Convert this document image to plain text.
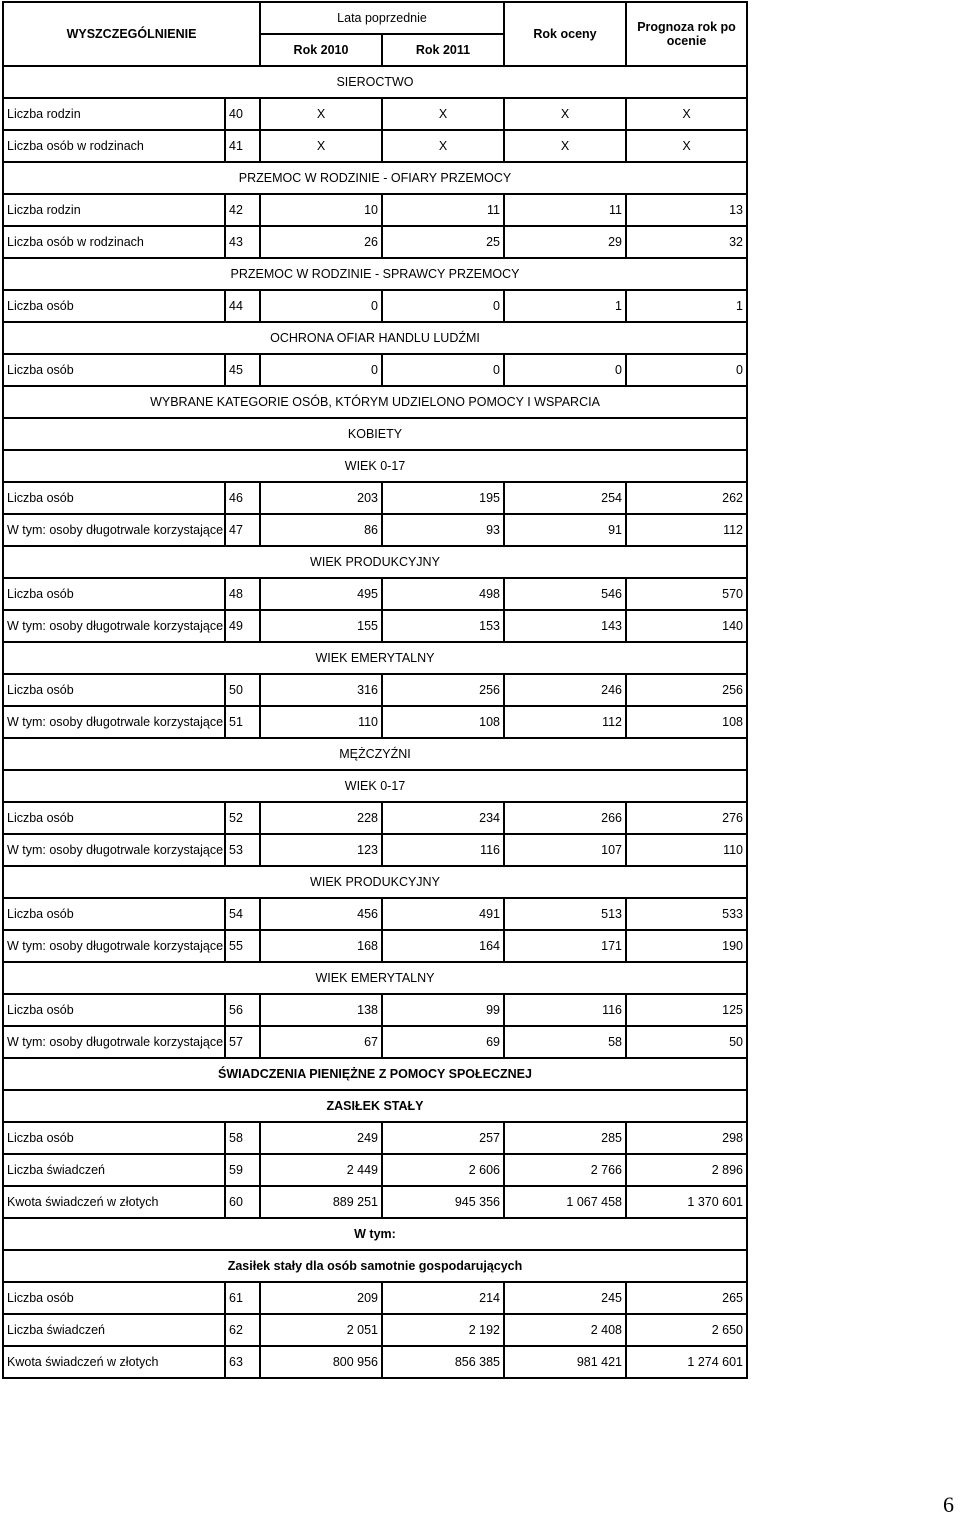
WYSZCZEGÓLNIENIE		Lata poprzednie		Rok oceny	Prognoza rok po ocenie
		Rok 2010	Rok 2011		
SIEROCTWO					
Liczba rodzin	40	X	X	X	X
Liczba osób w rodzinach	41	X	X	X	X
PRZEMOC W RODZINIE - OFIARY PRZEMOCY					
Liczba rodzin	42	10	11	11	13
Liczba osób w rodzinach	43	26	25	29	32
PRZEMOC W RODZINIE - SPRAWCY PRZEMOCY					
Liczba osób	44	0	0	1	1
OCHRONA OFIAR HANDLU LUDŹMI					
Liczba osób	45	0	0	0	0
WYBRANE KATEGORIE OSÓB, KTÓRYM UDZIELONO POMOCY I WSPARCIA					
KOBIETY					
WIEK 0-17					
Liczba osób	46	203	195	254	262
W tym: osoby długotrwale korzystające	47	86	93	91	112
WIEK PRODUKCYJNY					
Liczba osób	48	495	498	546	570
W tym: osoby długotrwale korzystające	49	155	153	143	140
WIEK EMERYTALNY					
Liczba osób	50	316	256	246	256
W tym: osoby długotrwale korzystające	51	110	108	112	108
MĘŻCZYŹNI					
WIEK 0-17					
Liczba osób	52	228	234	266	276
W tym: osoby długotrwale korzystające	53	123	116	107	110
WIEK PRODUKCYJNY					
Liczba osób	54	456	491	513	533
W tym: osoby długotrwale korzystające	55	168	164	171	190
WIEK EMERYTALNY					
Liczba osób	56	138	99	116	125
W tym: osoby długotrwale korzystające	57	67	69	58	50
ŚWIADCZENIA PIENIĘŻNE Z POMOCY SPOŁECZNEJ					
ZASIŁEK STAŁY					
Liczba osób	58	249	257	285	298
Liczba świadczeń	59	2 449	2 606	2 766	2 896
Kwota świadczeń w złotych	60	889 251	945 356	1 067 458	1 370 601
W tym:					
Zasiłek stały dla osób samotnie gospodarujących					
Liczba osób	61	209	214	245	265
Liczba świadczeń	62	2 051	2 192	2 408	2 650
Kwota świadczeń w złotych	63	800 956	856 385	981 421	1 274 601
6
